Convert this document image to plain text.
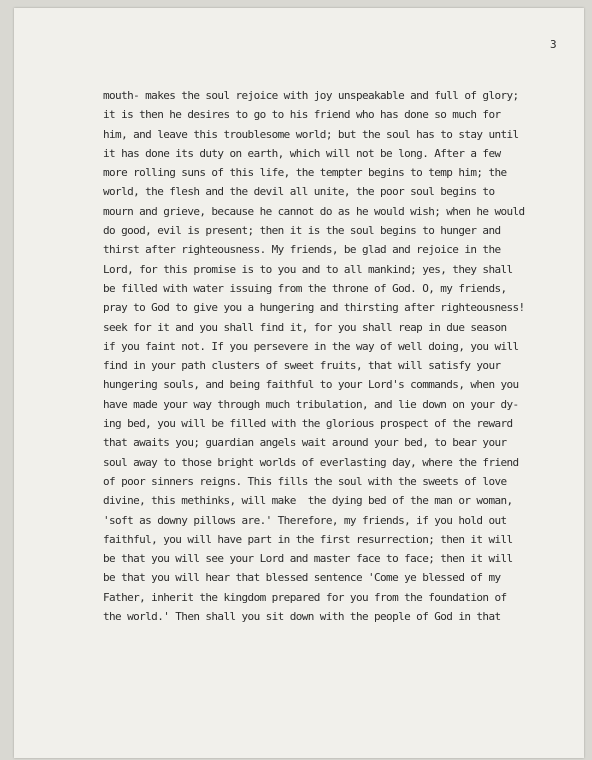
3
mouth- makes the soul rejoice with joy unspeakable and full of glory;
it is then he desires to go to his friend who has done so much for
him, and leave this troublesome world; but the soul has to stay until
it has done its duty on earth, which will not be long. After a few
more rolling suns of this life, the tempter begins to temp him; the
world, the flesh and the devil all unite, the poor soul begins to
mourn and grieve, because he cannot do as he would wish; when he would
do good, evil is present; then it is the soul begins to hunger and
thirst after righteousness. My friends, be glad and rejoice in the
Lord, for this promise is to you and to all mankind; yes, they shall
be filled with water issuing from the throne of God. O, my friends,
pray to God to give you a hungering and thirsting after righteousness!
seek for it and you shall find it, for you shall reap in due season
if you faint not. If you persevere in the way of well doing, you will
find in your path clusters of sweet fruits, that will satisfy your
hungering souls, and being faithful to your Lord's commands, when you
have made your way through much tribulation, and lie down on your dy-
ing bed, you will be filled with the glorious prospect of the reward
that awaits you; guardian angels wait around your bed, to bear your
soul away to those bright worlds of everlasting day, where the friend
of poor sinners reigns. This fills the soul with the sweets of love
divine, this methinks, will make  the dying bed of the man or woman,
'soft as downy pillows are.' Therefore, my friends, if you hold out
faithful, you will have part in the first resurrection; then it will
be that you will see your Lord and master face to face; then it will
be that you will hear that blessed sentence 'Come ye blessed of my
Father, inherit the kingdom prepared for you from the foundation of
the world.' Then shall you sit down with the people of God in that
